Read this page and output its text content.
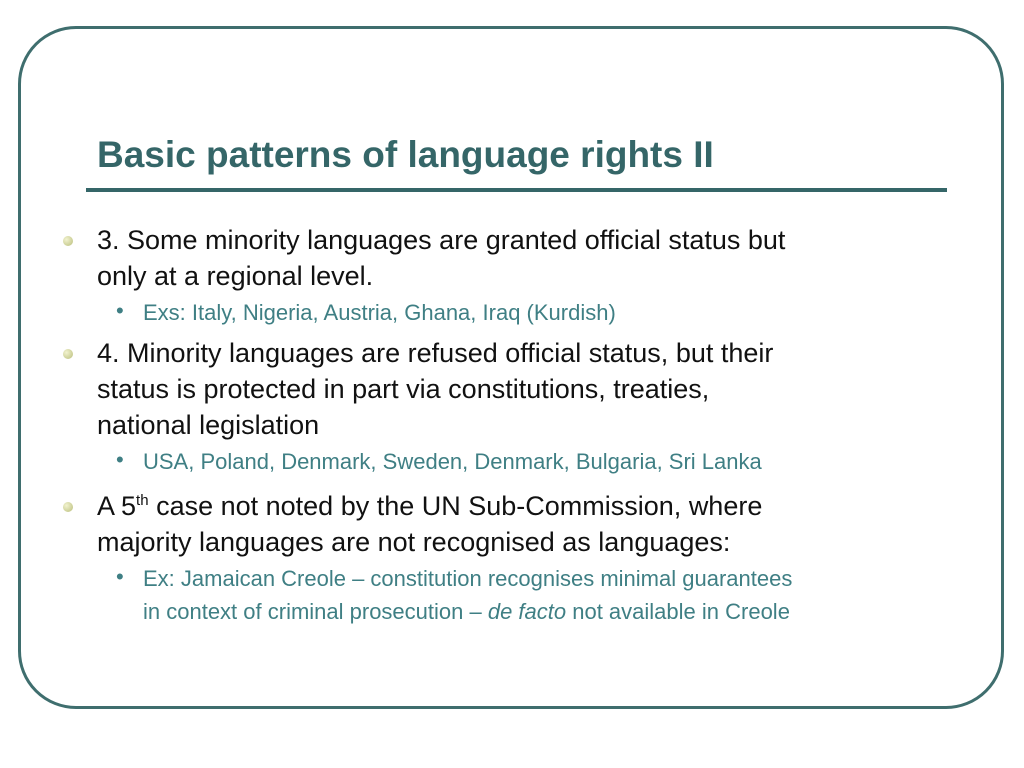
Basic patterns of language rights II
3. Some minority languages are granted official status but
only at a regional level.
• Exs: Italy, Nigeria, Austria, Ghana, Iraq (Kurdish)
4. Minority languages are refused official status, but their
status is protected in part via constitutions, treaties,
national legislation
• USA, Poland, Denmark, Sweden, Denmark, Bulgaria, Sri Lanka
A 5th case not noted by the UN Sub-Commission, where
majority languages are not recognised as languages:
• Ex: Jamaican Creole – constitution recognises minimal guarantees
in context of criminal prosecution – de facto not available in Creole
